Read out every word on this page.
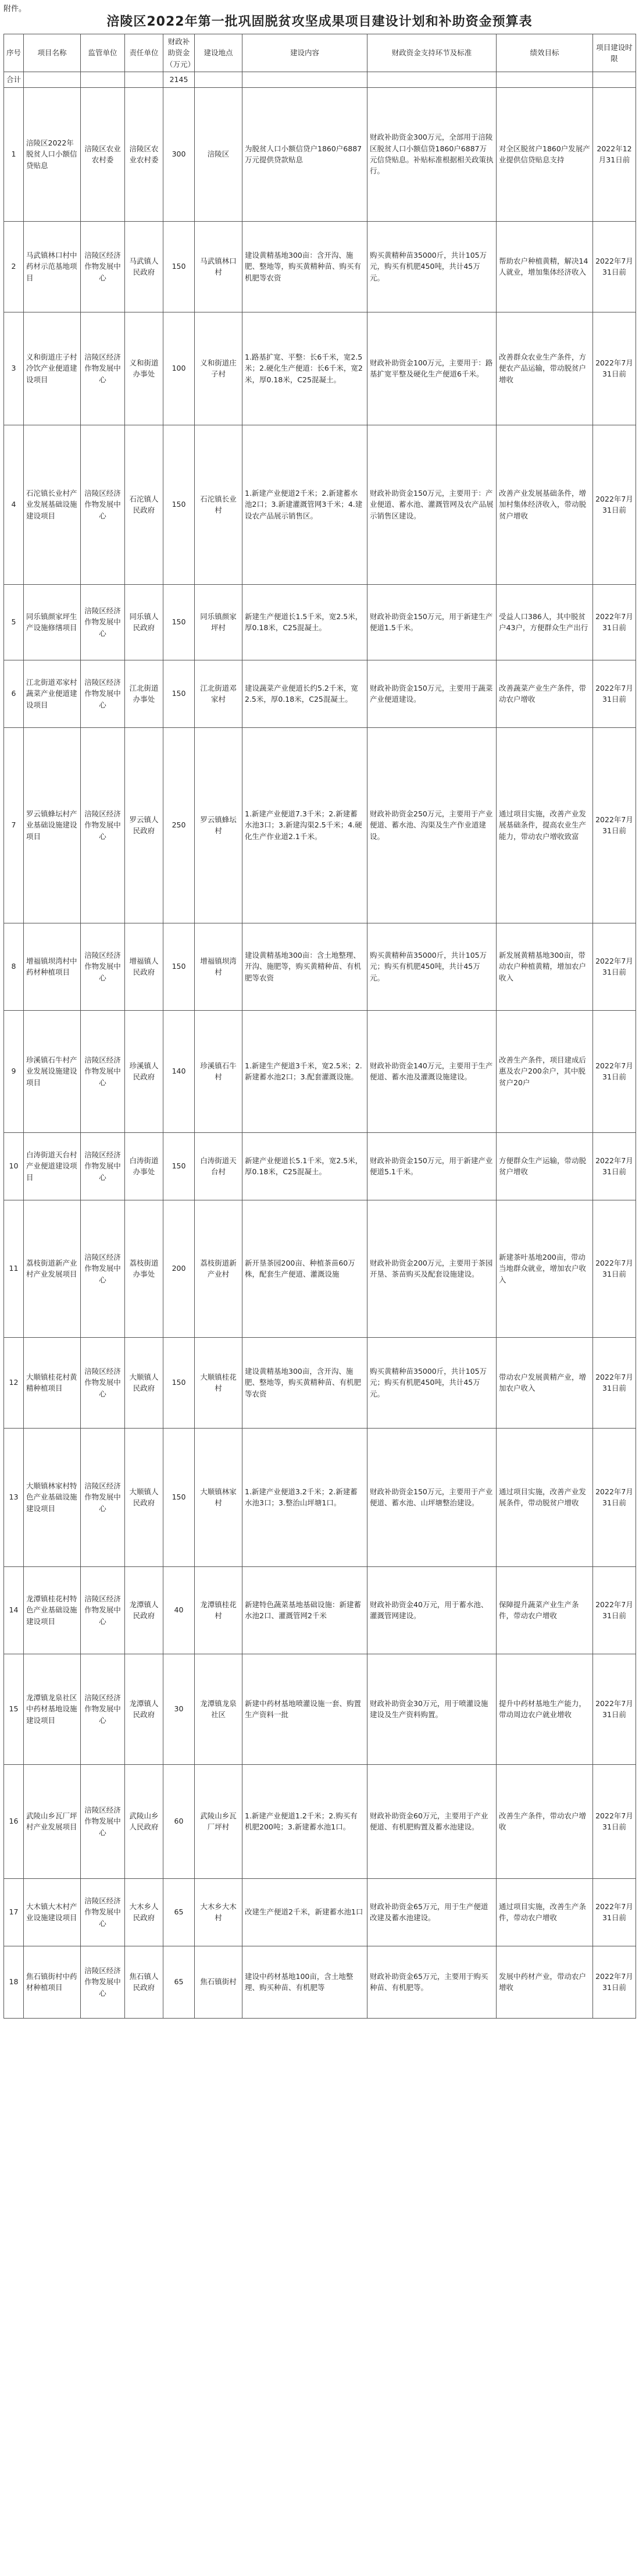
附件。
涪陵区2022年第一批巩固脱贫攻坚成果项目建设计划和补助资金预算表
序号	项目名称	监管单位	责任单位	财政补助资金（万元）	建设地点	建设内容	财政资金支持环节及标准	绩效目标	项目建设时限
合计				2145					
1	涪陵区2022年脱贫人口小额信贷贴息	涪陵区农业农村委	涪陵区农业农村委	300	涪陵区	为脱贫人口小额信贷户1860户6887万元提供贷款贴息	财政补助资金300万元，全部用于涪陵区脱贫人口小额信贷1860户6887万元信贷贴息。补贴标准根据相关政策执行。	对全区脱贫户1860户发展产业提供信贷贴息支持	2022年12月31日前
2	马武镇林口村中药材示范基地项目	涪陵区经济作物发展中心	马武镇人民政府	150	马武镇林口村	建设黄精基地300亩：含开沟、施肥、整地等，购买黄精种苗、购买有机肥等农资	购买黄精种苗35000斤，共计105万元，购买有机肥450吨，共计45万元。	帮助农户种植黄精，解决14人就业，增加集体经济收入	2022年7月31日前
3	义和街道庄子村冷饮产业便道建设项目	涪陵区经济作物发展中心	义和街道办事处	100	义和街道庄子村	1.路基扩宽、平整：长6千米，宽2.5米；2.硬化生产便道：长6千米，宽2米，厚0.18米，C25混凝土。	财政补助资金100万元，主要用于：路基扩宽平整及硬化生产便道6千米。	改善群众农业生产条件，方便农产品运输，带动脱贫户增收	2022年7月31日前
4	石沱镇长业村产业发展基础设施建设项目	涪陵区经济作物发展中心	石沱镇人民政府	150	石沱镇长业村	1.新建产业便道2千米；2.新建蓄水池2口；3.新建灌溉管网3千米；4.建设农产品展示销售区。	财政补助资金150万元，主要用于：产业便道、蓄水池、灌溉管网及农产品展示销售区建设。	改善产业发展基础条件，增加村集体经济收入，带动脱贫户增收	2022年7月31日前
5	同乐镇颜家坪生产设施修缮项目	涪陵区经济作物发展中心	同乐镇人民政府	150	同乐镇颜家坪村	新建生产便道长1.5千米，宽2.5米，厚0.18米，C25混凝土。	财政补助资金150万元，用于新建生产便道1.5千米。	受益人口386人，其中脱贫户43户，方便群众生产出行	2022年7月31日前
6	江北街道邓家村蔬菜产业便道建设项目	涪陵区经济作物发展中心	江北街道办事处	150	江北街道邓家村	建设蔬菜产业便道长约5.2千米，宽2.5米，厚0.18米，C25混凝土。	财政补助资金150万元，主要用于蔬菜产业便道建设。	改善蔬菜产业生产条件，带动农户增收	2022年7月31日前
7	罗云镇蜂坛村产业基础设施建设项目	涪陵区经济作物发展中心	罗云镇人民政府	250	罗云镇蜂坛村	1.新建产业便道7.3千米；2.新建蓄水池3口；3.新建沟渠2.5千米；4.硬化生产作业道2.1千米。	财政补助资金250万元，主要用于产业便道、蓄水池、沟渠及生产作业道建设。	通过项目实施，改善产业发展基础条件，提高农业生产能力，带动农户增收致富	2022年7月31日前
8	增福镇坝湾村中药材种植项目	涪陵区经济作物发展中心	增福镇人民政府	150	增福镇坝湾村	建设黄精基地300亩：含土地整理、开沟、施肥等，购买黄精种苗、有机肥等农资	购买黄精种苗35000斤，共计105万元；购买有机肥450吨，共计45万元。	新发展黄精基地300亩，带动农户种植黄精，增加农户收入	2022年7月31日前
9	珍溪镇石牛村产业发展设施建设项目	涪陵区经济作物发展中心	珍溪镇人民政府	140	珍溪镇石牛村	1.新建生产便道3千米，宽2.5米；2.新建蓄水池2口；3.配套灌溉设施。	财政补助资金140万元，主要用于生产便道、蓄水池及灌溉设施建设。	改善生产条件，项目建成后惠及农户200余户，其中脱贫户20户	2022年7月31日前
10	白涛街道天台村产业便道建设项目	涪陵区经济作物发展中心	白涛街道办事处	150	白涛街道天台村	新建产业便道长5.1千米，宽2.5米，厚0.18米，C25混凝土。	财政补助资金150万元，用于新建产业便道5.1千米。	方便群众生产运输，带动脱贫户增收	2022年7月31日前
11	荔枝街道新产业村产业发展项目	涪陵区经济作物发展中心	荔枝街道办事处	200	荔枝街道新产业村	新开垦茶园200亩、种植茶苗60万株，配套生产便道、灌溉设施	财政补助资金200万元，主要用于茶园开垦、茶苗购买及配套设施建设。	新建茶叶基地200亩，带动当地群众就业，增加农户收入	2022年7月31日前
12	大顺镇桂花村黄精种植项目	涪陵区经济作物发展中心	大顺镇人民政府	150	大顺镇桂花村	建设黄精基地300亩，含开沟、施肥、整地等，购买黄精种苗、有机肥等农资	购买黄精种苗35000斤，共计105万元；购买有机肥450吨，共计45万元。	带动农户发展黄精产业，增加农户收入	2022年7月31日前
13	大顺镇林家村特色产业基础设施建设项目	涪陵区经济作物发展中心	大顺镇人民政府	150	大顺镇林家村	1.新建产业便道3.2千米；2.新建蓄水池3口；3.整治山坪塘1口。	财政补助资金150万元，主要用于产业便道、蓄水池、山坪塘整治建设。	通过项目实施，改善产业发展条件，带动脱贫户增收	2022年7月31日前
14	龙潭镇桂花村特色产业基础设施建设项目	涪陵区经济作物发展中心	龙潭镇人民政府	40	龙潭镇桂花村	新建特色蔬菜基地基础设施：新建蓄水池2口、灌溉管网2千米	财政补助资金40万元，用于蓄水池、灌溉管网建设。	保障提升蔬菜产业生产条件，带动农户增收	2022年7月31日前
15	龙潭镇龙泉社区中药材基地设施建设项目	涪陵区经济作物发展中心	龙潭镇人民政府	30	龙潭镇龙泉社区	新建中药材基地喷灌设施一套、购置生产资料一批	财政补助资金30万元，用于喷灌设施建设及生产资料购置。	提升中药材基地生产能力，带动周边农户就业增收	2022年7月31日前
16	武陵山乡瓦厂坪村产业发展项目	涪陵区经济作物发展中心	武陵山乡人民政府	60	武陵山乡瓦厂坪村	1.新建产业便道1.2千米；2.购买有机肥200吨；3.新建蓄水池1口。	财政补助资金60万元，主要用于产业便道、有机肥购置及蓄水池建设。	改善生产条件，带动农户增收	2022年7月31日前
17	大木镇大木村产业设施建设项目	涪陵区经济作物发展中心	大木乡人民政府	65	大木乡大木村	改建生产便道2千米，新建蓄水池1口	财政补助资金65万元，用于生产便道改建及蓄水池建设。	通过项目实施，改善生产条件，带动农户增收	2022年7月31日前
18	焦石镇街村中药材种植项目	涪陵区经济作物发展中心	焦石镇人民政府	65	焦石镇街村	建设中药材基地100亩，含土地整理、购买种苗、有机肥等	财政补助资金65万元，主要用于购买种苗、有机肥等。	发展中药材产业，带动农户增收	2022年7月31日前
